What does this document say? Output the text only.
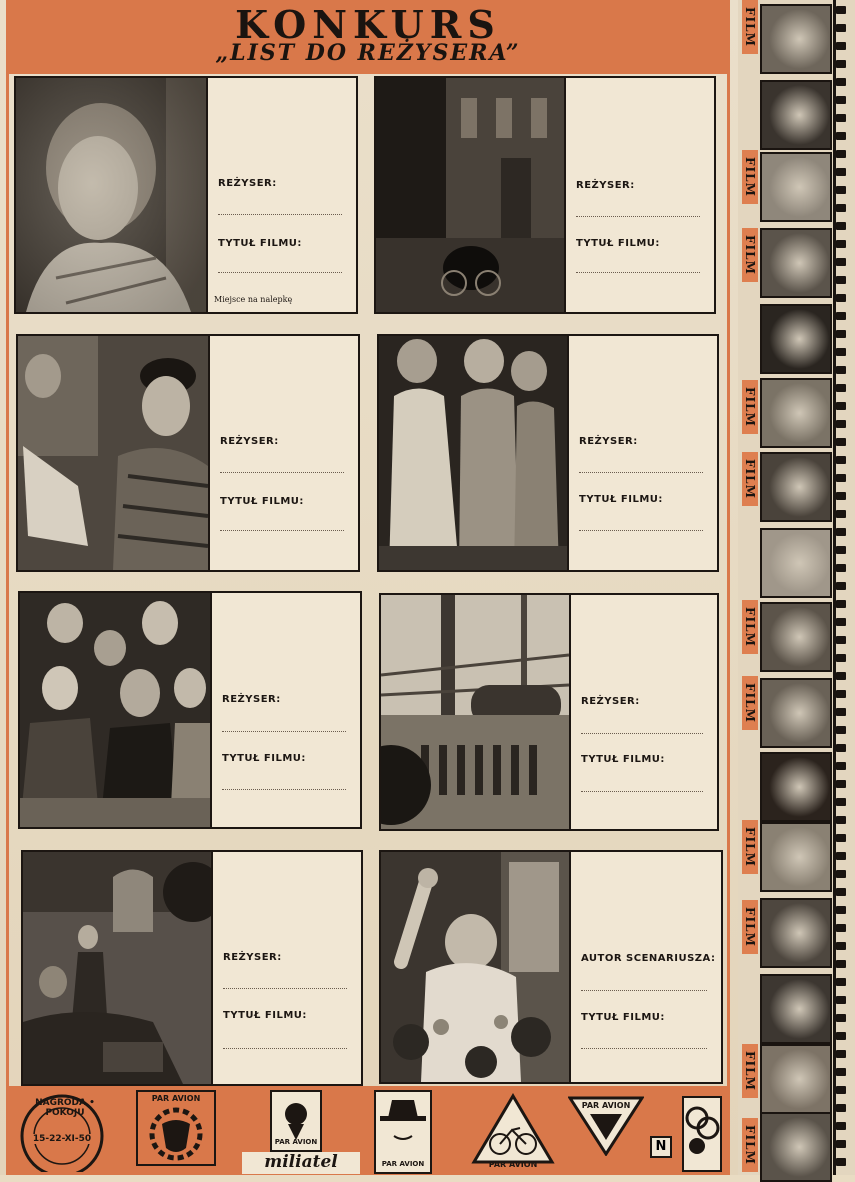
KONKURS
„LIST DO REŻYSERA”
REŻYSER:
TYTUŁ FILMU:
Miejsce na nalepkę
REŻYSER:
TYTUŁ FILMU:
REŻYSER:
TYTUŁ FILMU:
REŻYSER:
TYTUŁ FILMU:
REŻYSER:
TYTUŁ FILMU:
REŻYSER:
TYTUŁ FILMU:
REŻYSER:
TYTUŁ FILMU:
AUTOR SCENARIUSZA:
TYTUŁ FILMU:
NAGRODA • POKOJU
15-22-XI-50
PAR AVION
PAR AVION
miliatel	PAR AVION	PAR AVION
PAR AVION
N
FILM
FILM
FILM
FILM
FILM
FILM
FILM
FILM
FILM
FILM
FILM
